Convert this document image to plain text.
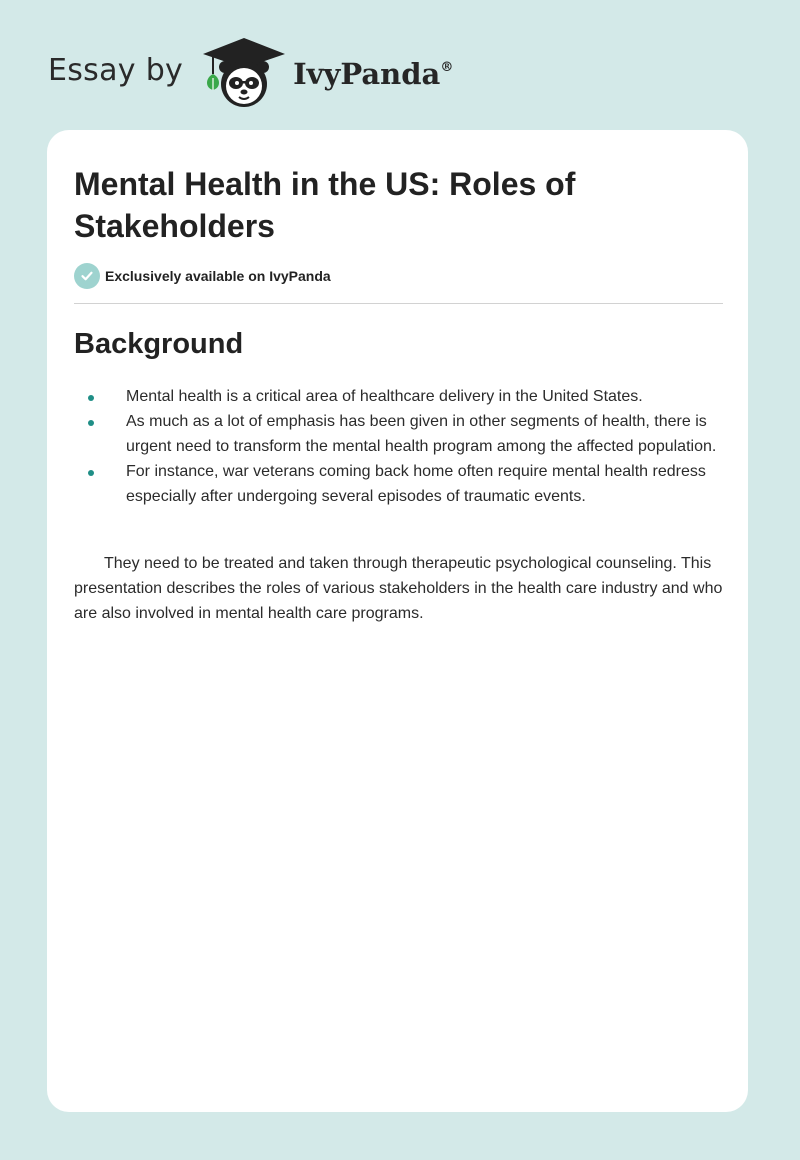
Essay by	IvyPanda®
Mental Health in the US: Roles of Stakeholders
Exclusively available on IvyPanda
Background
Mental health is a critical area of healthcare delivery in the United States.
As much as a lot of emphasis has been given in other segments of health, there is urgent need to transform the mental health program among the affected population.
For instance, war veterans coming back home often require mental health redress especially after undergoing several episodes of traumatic events.

They need to be treated and taken through therapeutic psychological counseling. This presentation describes the roles of various stakeholders in the health care industry and who are also involved in mental health care programs.
